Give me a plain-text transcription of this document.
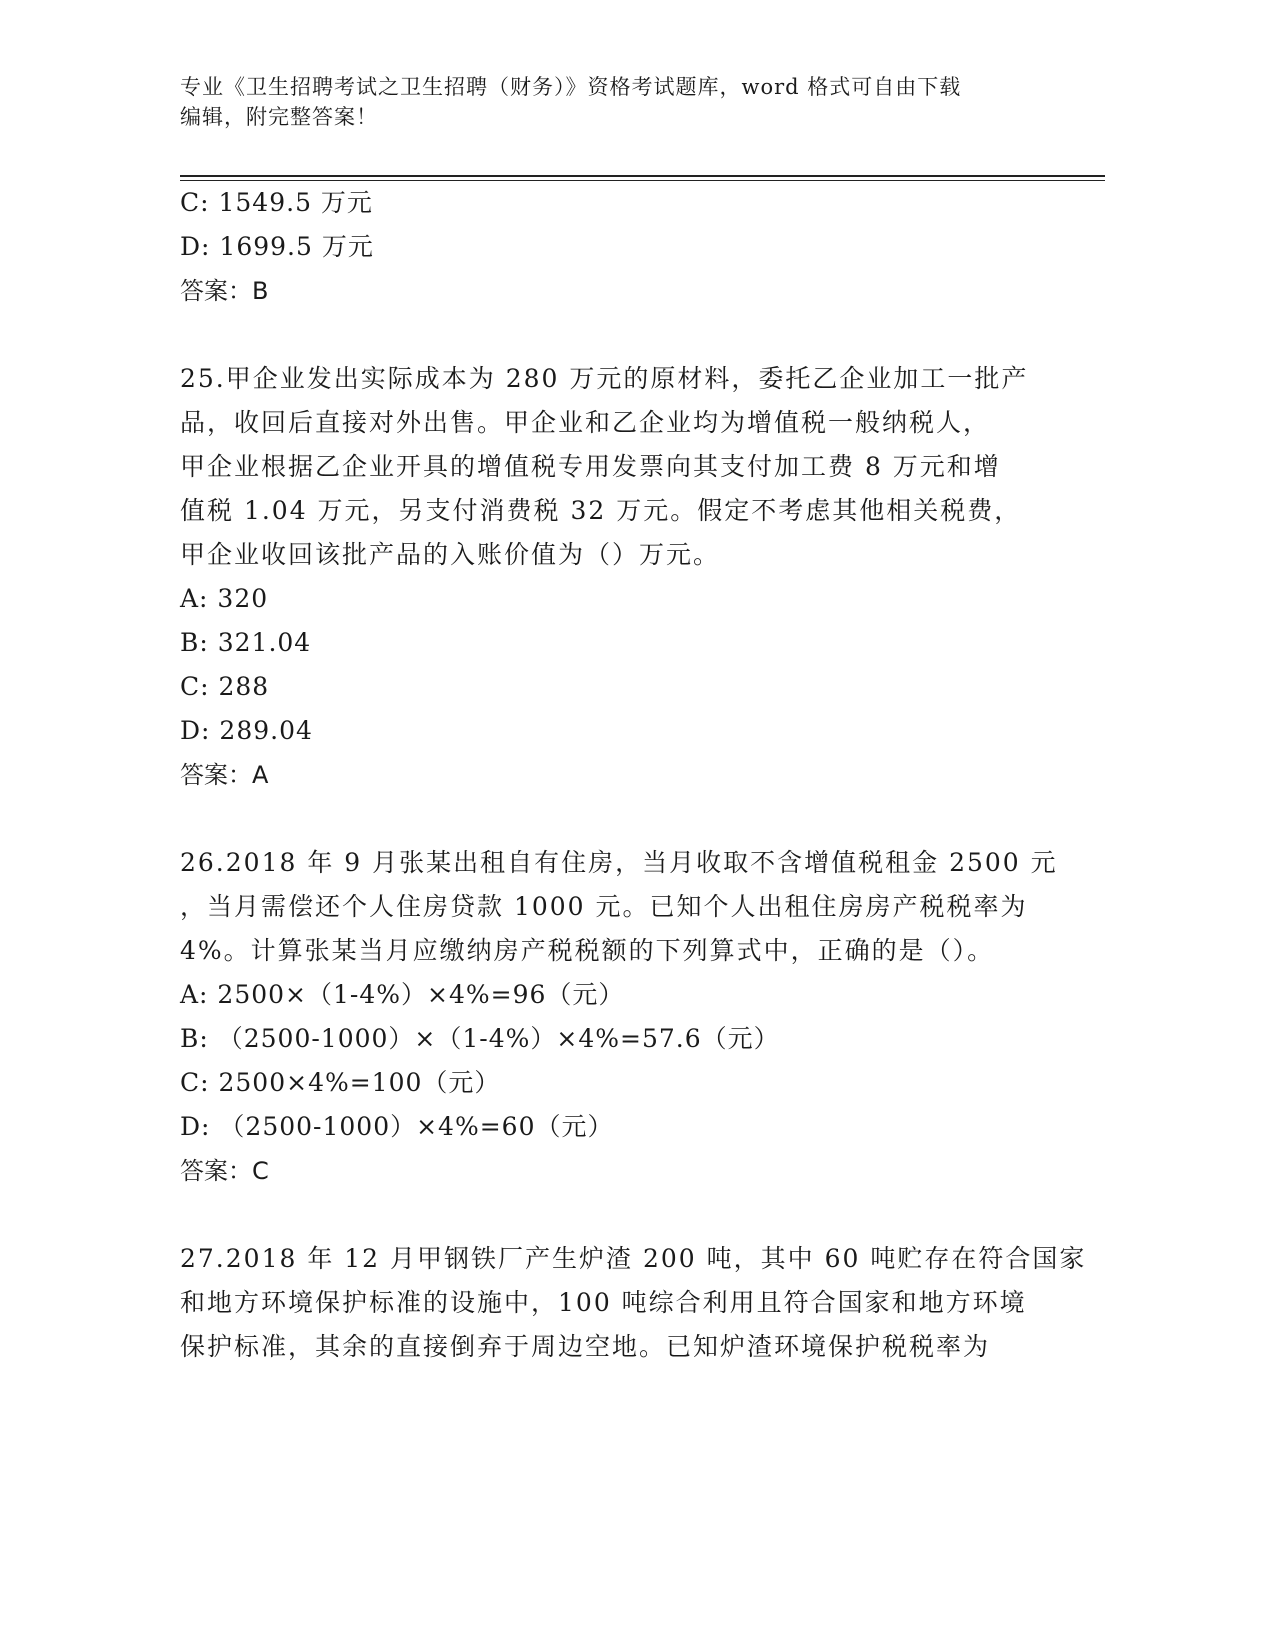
专业《卫生招聘考试之卫生招聘（财务）》资格考试题库，word 格式可自由下载
编辑，附完整答案！
C: 1549.5 万元
D: 1699.5 万元
答案：B
25.甲企业发出实际成本为 280 万元的原材料，委托乙企业加工一批产
品，收回后直接对外出售。甲企业和乙企业均为增值税一般纳税人，
甲企业根据乙企业开具的增值税专用发票向其支付加工费 8 万元和增
值税 1.04 万元，另支付消费税 32 万元。假定不考虑其他相关税费，
甲企业收回该批产品的入账价值为（）万元。
A: 320
B: 321.04
C: 288
D: 289.04
答案：A
26.2018 年 9 月张某出租自有住房，当月收取不含增值税租金 2500 元
，当月需偿还个人住房贷款 1000 元。已知个人出租住房房产税税率为
4%。计算张某当月应缴纳房产税税额的下列算式中，正确的是（）。
A: 2500×（1-4%）×4%=96（元）
B: （2500-1000）×（1-4%）×4%=57.6（元）
C: 2500×4%=100（元）
D: （2500-1000）×4%=60（元）
答案：C
27.2018 年 12 月甲钢铁厂产生炉渣 200 吨，其中 60 吨贮存在符合国家
和地方环境保护标准的设施中，100 吨综合利用且符合国家和地方环境
保护标准，其余的直接倒弃于周边空地。已知炉渣环境保护税税率为
